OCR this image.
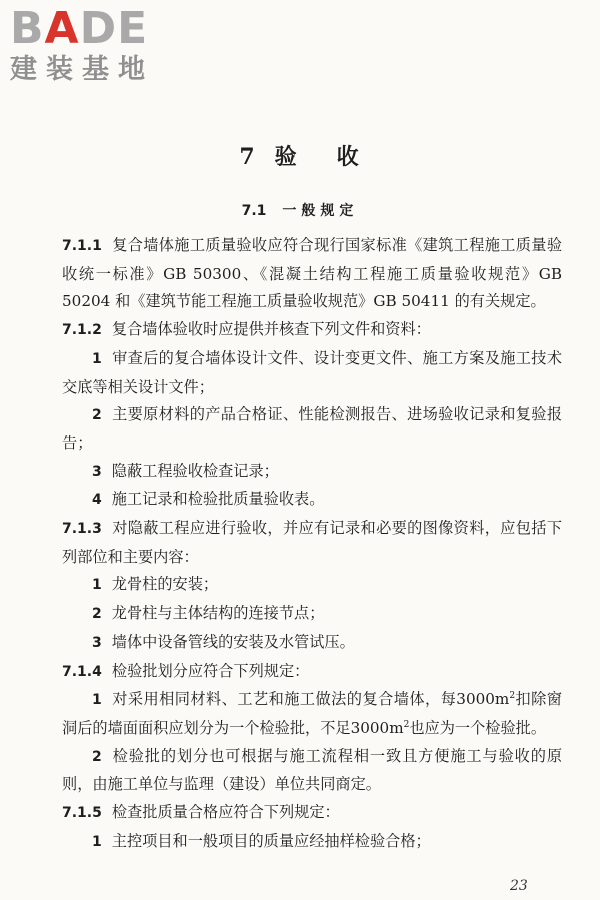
BADE
建装基地
7 验 收
7.1 一般规定

7.1.1 复合墙体施工质量验收应符合现行国家标准《建筑工程施工质量验收统一标准》GB 50300、《混凝土结构工程施工质量验收规范》GB 50204 和《建筑节能工程施工质量验收规范》GB 50411 的有关规定。

7.1.2 复合墙体验收时应提供并核查下列文件和资料：

1 审查后的复合墙体设计文件、设计变更文件、施工方案及施工技术交底等相关设计文件；

2 主要原材料的产品合格证、性能检测报告、进场验收记录和复验报告；

3 隐蔽工程验收检查记录；

4 施工记录和检验批质量验收表。

7.1.3 对隐蔽工程应进行验收，并应有记录和必要的图像资料，应包括下列部位和主要内容：

1 龙骨柱的安装；

2 龙骨柱与主体结构的连接节点；

3 墙体中设备管线的安装及水管试压。

7.1.4 检验批划分应符合下列规定：

1 对采用相同材料、工艺和施工做法的复合墙体，每$3000m^2$扣除窗洞后的墙面面积应划分为一个检验批，不足$3000m^2$也应为一个检验批。

2 检验批的划分也可根据与施工流程相一致且方便施工与验收的原则，由施工单位与监理（建设）单位共同商定。

7.1.5 检查批质量合格应符合下列规定：

1 主控项目和一般项目的质量应经抽样检验合格；

23
